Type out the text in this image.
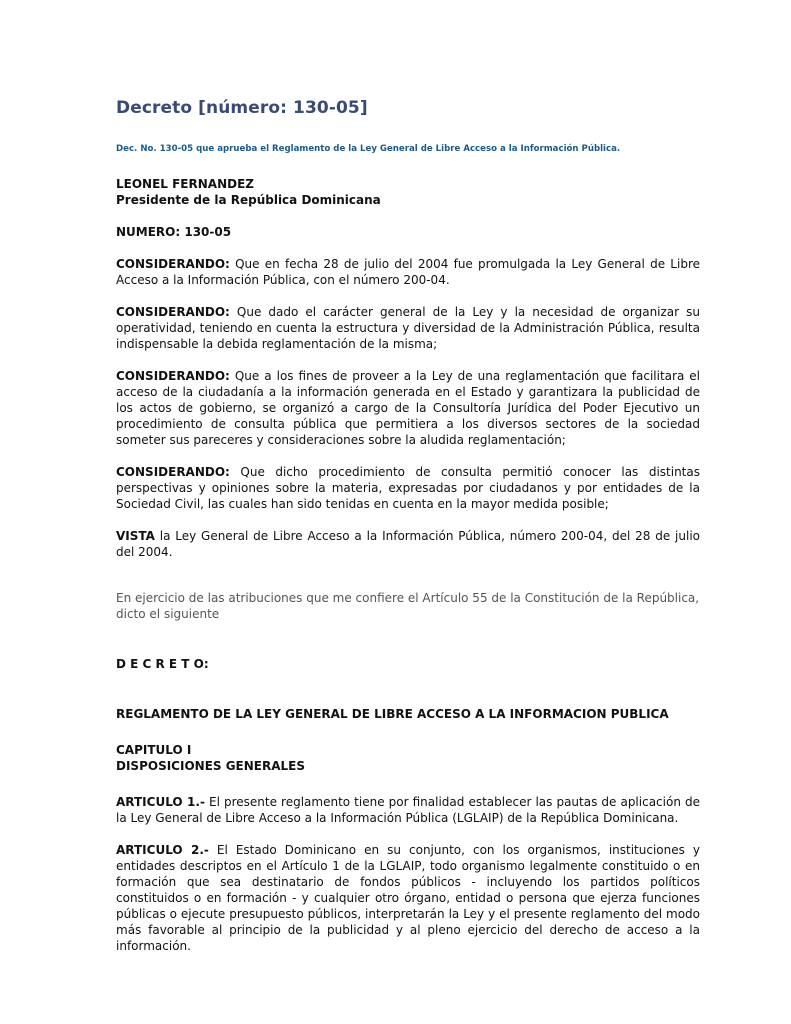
Decreto [número: 130-05]
Dec. No. 130-05 que aprueba el Reglamento de la Ley General de Libre Acceso a la Información Pública.

LEONEL FERNANDEZ

Presidente de la República Dominicana

NUMERO: 130-05

CONSIDERANDO: Que en fecha 28 de julio del 2004 fue promulgada la Ley General de Libre Acceso a la Información Pública, con el número 200-04.

CONSIDERANDO: Que dado el carácter general de la Ley y la necesidad de organizar su operatividad, teniendo en cuenta la estructura y diversidad de la Administración Pública, resulta indispensable la debida reglamentación de la misma;

CONSIDERANDO: Que a los fines de proveer a la Ley de una reglamentación que facilitara el acceso de la ciudadanía a la información generada en el Estado y garantizara la publicidad de los actos de gobierno, se organizó a cargo de la Consultoría Jurídica del Poder Ejecutivo un procedimiento de consulta pública que permitiera a los diversos sectores de la sociedad someter sus pareceres y consideraciones sobre la aludida reglamentación;

CONSIDERANDO: Que dicho procedimiento de consulta permitió conocer las distintas perspectivas y opiniones sobre la materia, expresadas por ciudadanos y por entidades de la Sociedad Civil, las cuales han sido tenidas en cuenta en la mayor medida posible;

VISTA la Ley General de Libre Acceso a la Información Pública, número 200-04, del 28 de julio del 2004.

En ejercicio de las atribuciones que me confiere el Artículo 55 de la Constitución de la República,

dicto el siguiente

D E C R E T O:

REGLAMENTO DE LA LEY GENERAL DE LIBRE ACCESO A LA INFORMACION PUBLICA

CAPITULO I

DISPOSICIONES GENERALES

ARTICULO 1.- El presente reglamento tiene por finalidad establecer las pautas de aplicación de la Ley General de Libre Acceso a la Información Pública (LGLAIP) de la República Dominicana.

ARTICULO 2.- El Estado Dominicano en su conjunto, con los organismos, instituciones y entidades descriptos en el Artículo 1 de la LGLAIP, todo organismo legalmente constituido o en formación que sea destinatario de fondos públicos - incluyendo los partidos políticos constituidos o en formación - y cualquier otro órgano, entidad o persona que ejerza funciones públicas o ejecute presupuesto públicos, interpretarán la Ley y el presente reglamento del modo más favorable al principio de la publicidad y al pleno ejercicio del derecho de acceso a la información.
